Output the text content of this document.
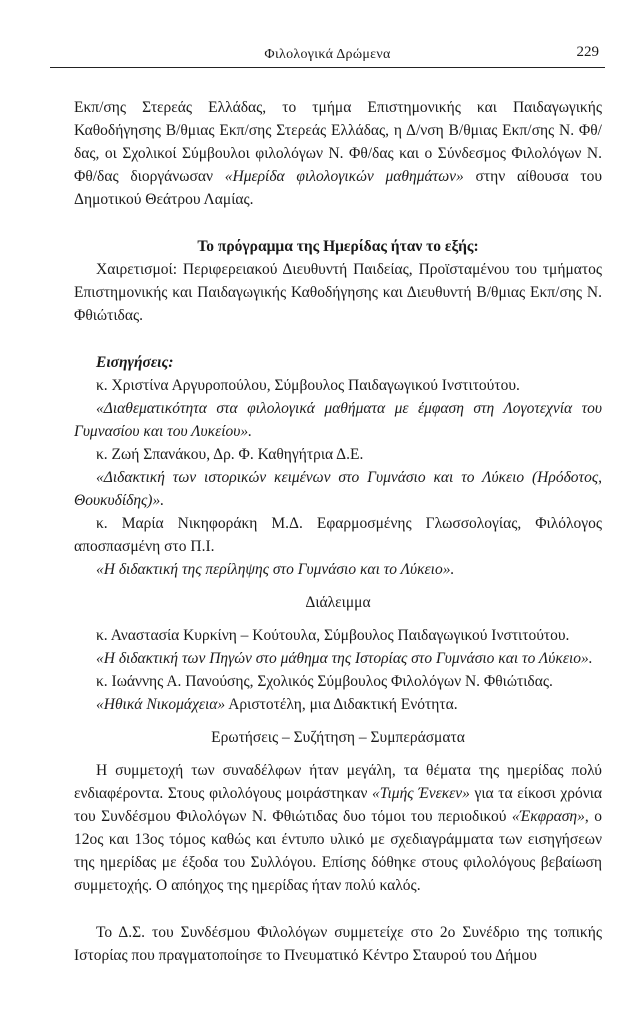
Φιλολογικά Δρώμενα	229

Εκπ/σης Στερεάς Ελλάδας, το τμήμα Επιστημονικής και Παιδαγωγικής Καθοδήγησης Β/θμιας Εκπ/σης Στερεάς Ελλάδας, η Δ/νση Β/θμιας Εκπ/σης Ν. Φθ/δας, οι Σχολικοί Σύμβουλοι φιλολόγων Ν. Φθ/δας και ο Σύνδεσμος Φιλολόγων Ν. Φθ/δας διοργάνωσαν «Ημερίδα φιλολογικών μαθημάτων» στην αίθουσα του Δημοτικού Θεάτρου Λαμίας.

Το πρόγραμμα της Ημερίδας ήταν το εξής:

Χαιρετισμοί: Περιφερειακού Διευθυντή Παιδείας, Προϊσταμένου του τμήματος Επιστημονικής και Παιδαγωγικής Καθοδήγησης και Διευθυντή Β/θμιας Εκπ/σης Ν. Φθιώτιδας.

Εισηγήσεις:

κ. Χριστίνα Αργυροπούλου, Σύμβουλος Παιδαγωγικού Ινστιτούτου.

«Διαθεματικότητα στα φιλολογικά μαθήματα με έμφαση στη Λογοτεχνία του Γυμνασίου και του Λυκείου».

κ. Ζωή Σπανάκου, Δρ. Φ. Καθηγήτρια Δ.Ε.

«Διδακτική των ιστορικών κειμένων στο Γυμνάσιο και το Λύκειο (Ηρόδοτος, Θουκυδίδης)».

κ. Μαρία Νικηφοράκη Μ.Δ. Εφαρμοσμένης Γλωσσολογίας, Φιλόλογος αποσπασμένη στο Π.Ι.

«Η διδακτική της περίληψης στο Γυμνάσιο και το Λύκειο».

Διάλειμμα

κ. Αναστασία Κυρκίνη – Κούτουλα, Σύμβουλος Παιδαγωγικού Ινστιτούτου.

«Η διδακτική των Πηγών στο μάθημα της Ιστορίας στο Γυμνάσιο και το Λύκειο».

κ. Ιωάννης Α. Πανούσης, Σχολικός Σύμβουλος Φιλολόγων Ν. Φθιώτιδας.

«Ηθικά Νικομάχεια» Αριστοτέλη, μια Διδακτική Ενότητα.

Ερωτήσεις – Συζήτηση – Συμπεράσματα

Η συμμετοχή των συναδέλφων ήταν μεγάλη, τα θέματα της ημερίδας πολύ ενδιαφέροντα. Στους φιλολόγους μοιράστηκαν «Τιμής Ένεκεν» για τα είκοσι χρόνια του Συνδέσμου Φιλολόγων Ν. Φθιώτιδας δυο τόμοι του περιοδικού «Έκφραση», ο 12ος και 13ος τόμος καθώς και έντυπο υλικό με σχεδιαγράμματα των εισηγήσεων της ημερίδας με έξοδα του Συλλόγου. Επίσης δόθηκε στους φιλολόγους βεβαίωση συμμετοχής. Ο απόηχος της ημερίδας ήταν πολύ καλός.

Το Δ.Σ. του Συνδέσμου Φιλολόγων συμμετείχε στο 2ο Συνέδριο της τοπικής Ιστορίας που πραγματοποίησε το Πνευματικό Κέντρο Σταυρού του Δήμου
